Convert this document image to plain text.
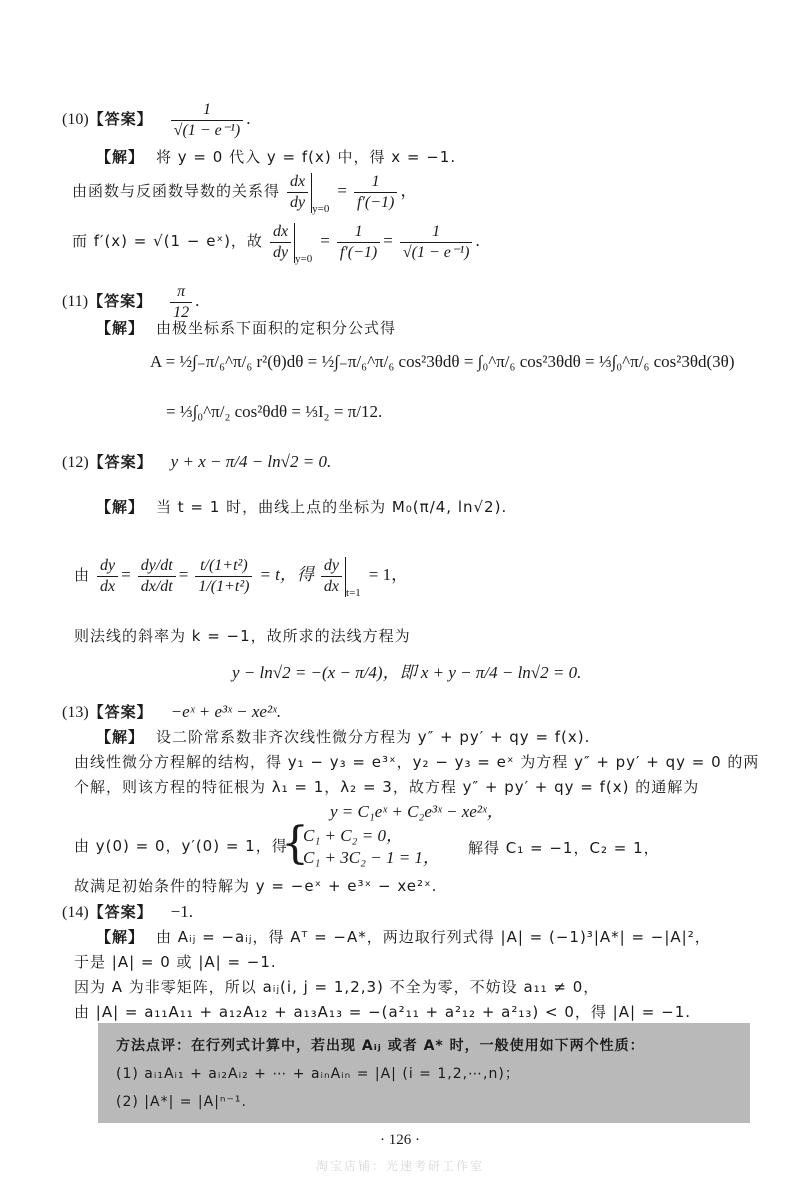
(10)【答案】 $\frac{1}{\text{√(1 − e⁻¹)}}$ .
【解】 将 y = 0 代入 y = f(x) 中，得 x = −1.
由函数与反函数导数的关系得 $\frac{dx}{dy} _{y=0}= \frac{1}{f'(-1)}$ ，
而 f′(x) = √(1 − eˣ)，故 $\frac{dx}{dy} _{y=0}= \frac{1}{f'(-1)} = \frac{1}{\text{√(1 − e⁻¹)}}$ .
(11)【答案】 $\frac{\pi}{12}$ .
【解】 由极坐标系下面积的定积分公式得
A = ½∫₋π/₆^π/₆ r²(θ)dθ = ½∫₋π/₆^π/₆ cos²3θdθ = ∫₀^π/₆ cos²3θdθ = ⅓∫₀^π/₆ cos²3θd(3θ)
= ⅓∫₀^π/₂ cos²θdθ = ⅓I₂ = π/12.
(12)【答案】 y + x − π/4 − ln√2 = 0.
【解】 当 t = 1 时，曲线上点的坐标为 M₀(π/4, ln√2).
由 $\frac{dy}{dx} = \frac{dy/dt}{dx/dt} = \frac{\text{t/(1+t²)}}{\text{1/(1+t²)}} = t$，得 $\frac{dy}{dx} _{t=1}= 1$，
则法线的斜率为 k = −1，故所求的法线方程为
y − ln√2 = −(x − π/4)，即 x + y − π/4 − ln√2 = 0.
(13)【答案】 −eˣ + e³ˣ − xe²ˣ.
【解】 设二阶常系数非齐次线性微分方程为 y″ + py′ + qy = f(x).
由线性微分方程解的结构，得 y₁ − y₃ = e³ˣ，y₂ − y₃ = eˣ 为方程 y″ + py′ + qy = 0 的两
个解，则该方程的特征根为 λ₁ = 1，λ₂ = 3，故方程 y″ + py′ + qy = f(x) 的通解为
y = C₁eˣ + C₂e³ˣ − xe²ˣ，
由 y(0) = 0，y′(0) = 1，得
{
C₁ + C₂ = 0，
C₁ + 3C₂ − 1 = 1， 解得 C₁ = −1，C₂ = 1，
故满足初始条件的特解为 y = −eˣ + e³ˣ − xe²ˣ.
(14)【答案】 −1.
【解】 由 Aᵢⱼ = −aᵢⱼ，得 Aᵀ = −A*，两边取行列式得 |A| = (−1)³|A*| = −|A|²，
于是 |A| = 0 或 |A| = −1.
因为 A 为非零矩阵，所以 aᵢⱼ(i, j = 1,2,3) 不全为零，不妨设 a₁₁ ≠ 0，
由 |A| = a₁₁A₁₁ + a₁₂A₁₂ + a₁₃A₁₃ = −(a²₁₁ + a²₁₂ + a²₁₃) < 0，得 |A| = −1.
方法点评：在行列式计算中，若出现 Aᵢⱼ 或者 A* 时，一般使用如下两个性质：
(1) aᵢ₁Aᵢ₁ + aᵢ₂Aᵢ₂ + ⋯ + aᵢₙAᵢₙ = |A| (i = 1,2,⋯,n)；
(2) |A*| = |A|ⁿ⁻¹.
· 126 ·
淘宝店铺：光速考研工作室
